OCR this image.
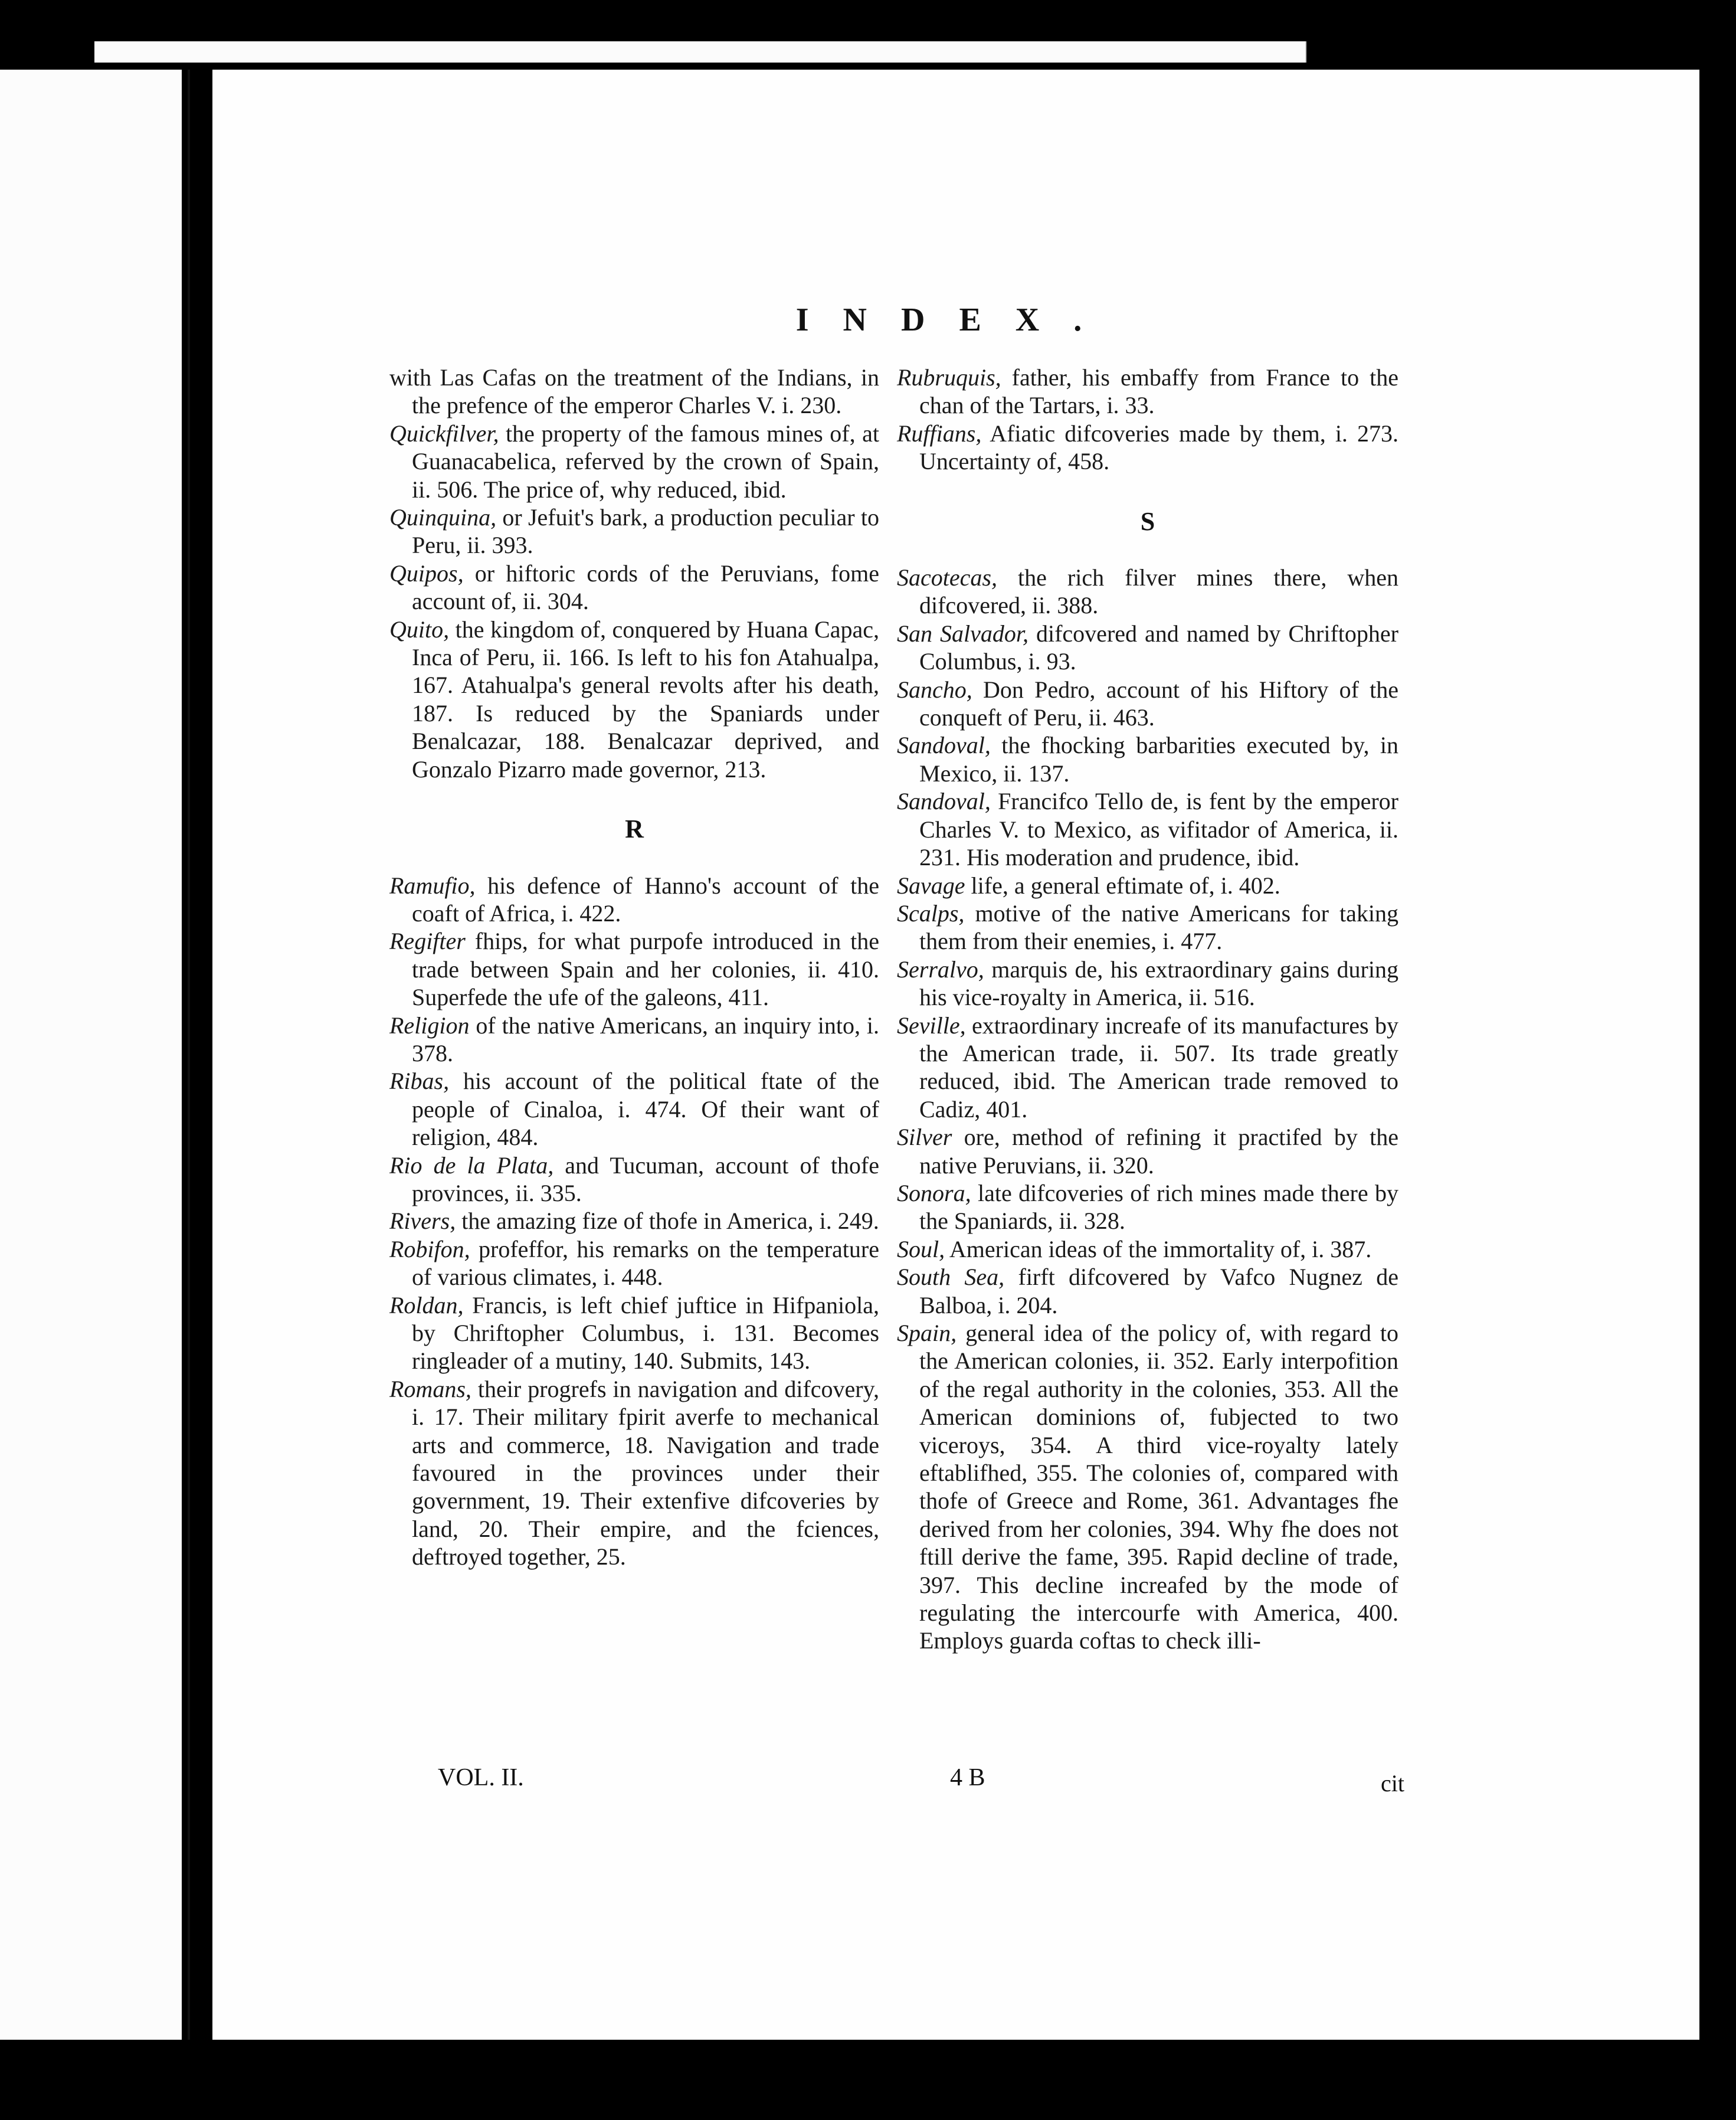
INDEX.

with Las Cafas on the treatment of the Indians, in the prefence of the emperor Charles V. i. 230.

Quickfilver, the property of the famous mines of, at Guanacabelica, referved by the crown of Spain, ii. 506. The price of, why reduced, ibid.

Quinquina, or Jefuit's bark, a production peculiar to Peru, ii. 393.

Quipos, or hiftoric cords of the Peruvians, fome account of, ii. 304.

Quito, the kingdom of, conquered by Huana Capac, Inca of Peru, ii. 166. Is left to his fon Atahualpa, 167. Atahualpa's general revolts after his death, 187. Is reduced by the Spaniards under Benalcazar, 188. Benalcazar deprived, and Gonzalo Pizarro made governor, 213.

R

Ramufio, his defence of Hanno's account of the coaft of Africa, i. 422.

Regifter fhips, for what purpofe introduced in the trade between Spain and her colonies, ii. 410. Superfede the ufe of the galeons, 411.

Religion of the native Americans, an inquiry into, i. 378.

Ribas, his account of the political ftate of the people of Cinaloa, i. 474. Of their want of religion, 484.

Rio de la Plata, and Tucuman, account of thofe provinces, ii. 335.

Rivers, the amazing fize of thofe in America, i. 249.

Robifon, profeffor, his remarks on the temperature of various climates, i. 448.

Roldan, Francis, is left chief juftice in Hifpaniola, by Chriftopher Columbus, i. 131. Becomes ringleader of a mutiny, 140. Submits, 143.

Romans, their progrefs in navigation and difcovery, i. 17. Their military fpirit averfe to mechanical arts and commerce, 18. Navigation and trade favoured in the provinces under their government, 19. Their extenfive difcoveries by land, 20. Their empire, and the fciences, deftroyed together, 25.

Rubruquis, father, his embaffy from France to the chan of the Tartars, i. 33.

Ruffians, Afiatic difcoveries made by them, i. 273. Uncertainty of, 458.

S

Sacotecas, the rich filver mines there, when difcovered, ii. 388.

San Salvador, difcovered and named by Chriftopher Columbus, i. 93.

Sancho, Don Pedro, account of his Hiftory of the conqueft of Peru, ii. 463.

Sandoval, the fhocking barbarities executed by, in Mexico, ii. 137.

Sandoval, Francifco Tello de, is fent by the emperor Charles V. to Mexico, as vifitador of America, ii. 231. His moderation and prudence, ibid.

Savage life, a general eftimate of, i. 402.

Scalps, motive of the native Americans for taking them from their enemies, i. 477.

Serralvo, marquis de, his extraordinary gains during his vice-royalty in America, ii. 516.

Seville, extraordinary increafe of its manufactures by the American trade, ii. 507. Its trade greatly reduced, ibid. The American trade removed to Cadiz, 401.

Silver ore, method of refining it practifed by the native Peruvians, ii. 320.

Sonora, late difcoveries of rich mines made there by the Spaniards, ii. 328.

Soul, American ideas of the immortality of, i. 387.

South Sea, firft difcovered by Vafco Nugnez de Balboa, i. 204.

Spain, general idea of the policy of, with regard to the American colonies, ii. 352. Early interpofition of the regal authority in the colonies, 353. All the American dominions of, fubjected to two viceroys, 354. A third vice-royalty lately eftablifhed, 355. The colonies of, compared with thofe of Greece and Rome, 361. Advantages fhe derived from her colonies, 394. Why fhe does not ftill derive the fame, 395. Rapid decline of trade, 397. This decline increafed by the mode of regulating the intercourfe with America, 400. Employs guarda coftas to check illi-

VOL. II.	4 B	cit
